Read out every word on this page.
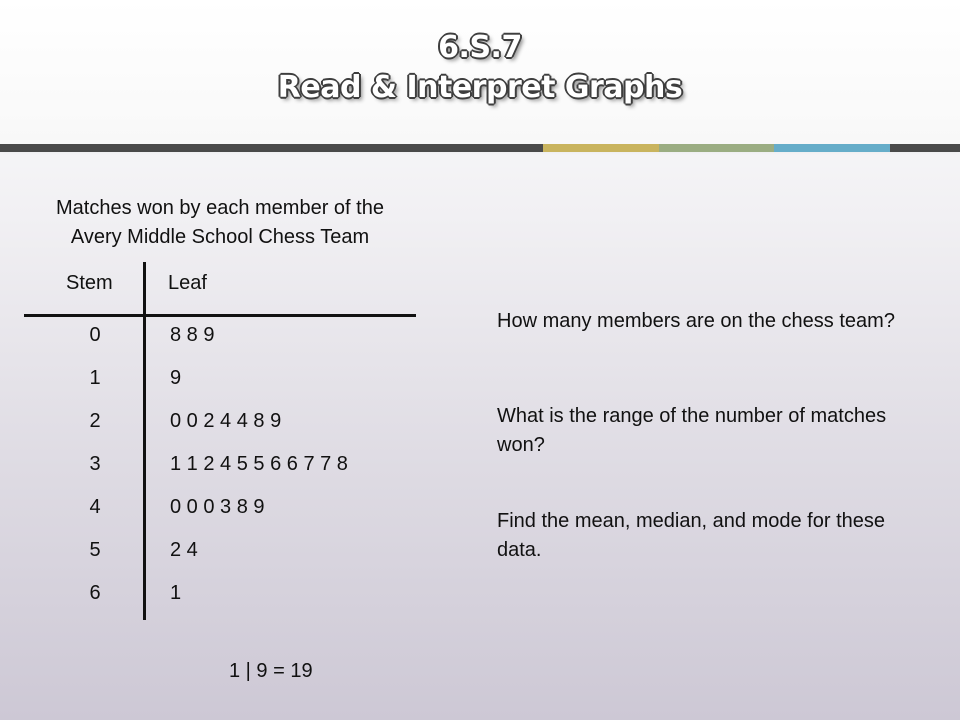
6.S.7
Read & Interpret Graphs
Matches won by each member of the
Avery Middle School Chess Team
Stem	Leaf
0	8 8 9
1	9
2	0 0 2 4 4 8 9
3	1 1 2 4 5 5 6 6 7 7 8
4	0 0 0 3 8 9
5	2 4
6	1
1 | 9 = 19
How many members are on the chess team?
What is the range of the number of matches won?
Find the mean, median, and mode for these data.
